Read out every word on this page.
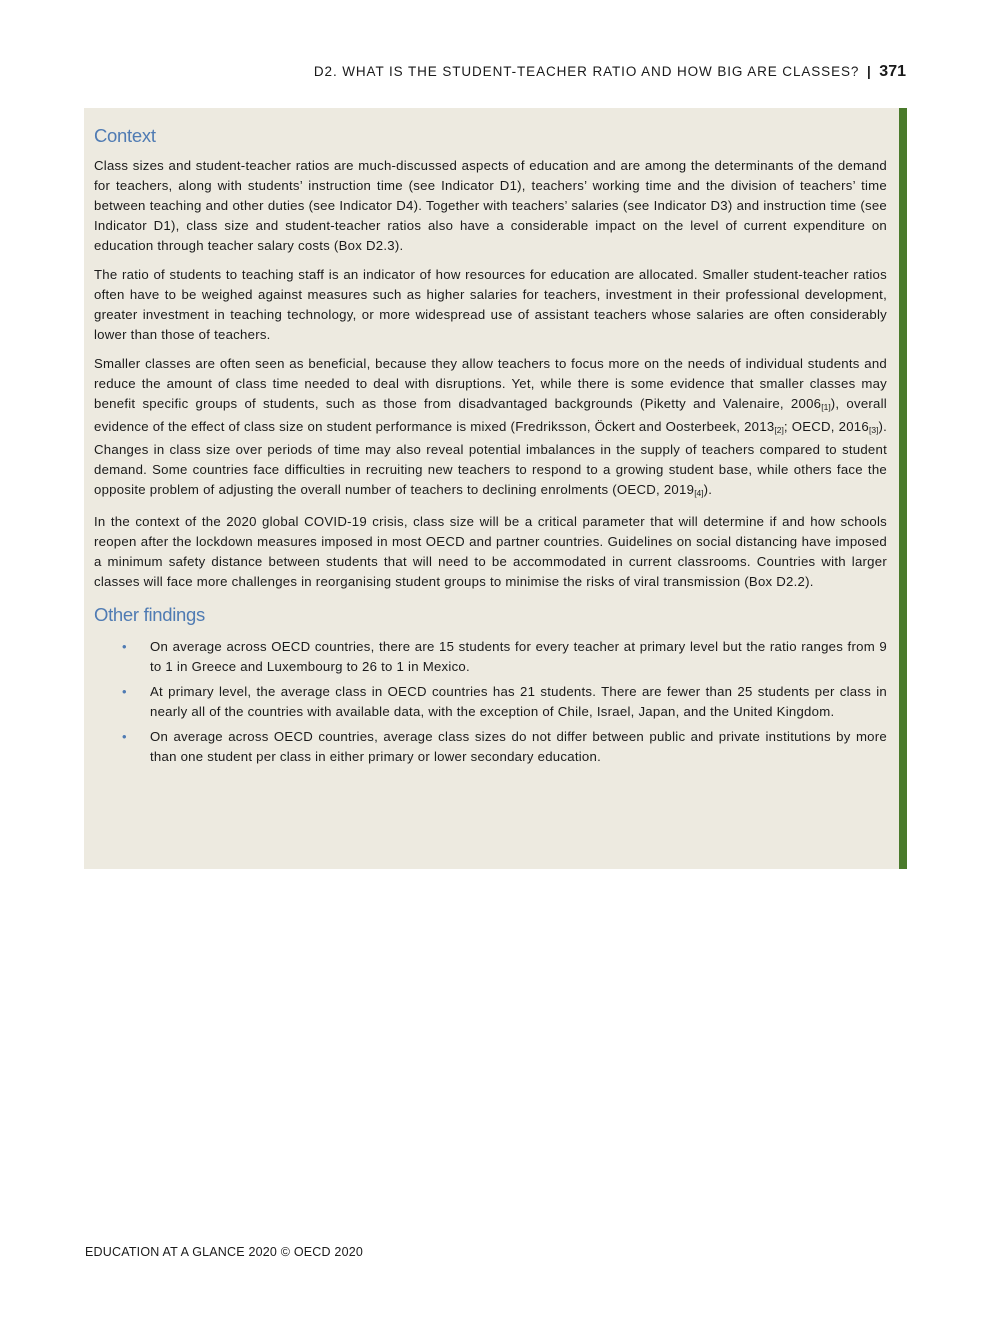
D2. WHAT IS THE STUDENT-TEACHER RATIO AND HOW BIG ARE CLASSES? | 371
Context

Class sizes and student-teacher ratios are much-discussed aspects of education and are among the determinants of the demand for teachers, along with students’ instruction time (see Indicator D1), teachers’ working time and the division of teachers’ time between teaching and other duties (see Indicator D4). Together with teachers’ salaries (see Indicator D3) and instruction time (see Indicator D1), class size and student-teacher ratios also have a considerable impact on the level of current expenditure on education through teacher salary costs (Box D2.3).

The ratio of students to teaching staff is an indicator of how resources for education are allocated. Smaller student-teacher ratios often have to be weighed against measures such as higher salaries for teachers, investment in their professional development, greater investment in teaching technology, or more widespread use of assistant teachers whose salaries are often considerably lower than those of teachers.

Smaller classes are often seen as beneficial, because they allow teachers to focus more on the needs of individual students and reduce the amount of class time needed to deal with disruptions. Yet, while there is some evidence that smaller classes may benefit specific groups of students, such as those from disadvantaged backgrounds (Piketty and Valenaire, 2006[1]), overall evidence of the effect of class size on student performance is mixed (Fredriksson, Öckert and Oosterbeek, 2013[2]; OECD, 2016[3]). Changes in class size over periods of time may also reveal potential imbalances in the supply of teachers compared to student demand. Some countries face difficulties in recruiting new teachers to respond to a growing student base, while others face the opposite problem of adjusting the overall number of teachers to declining enrolments (OECD, 2019[4]).

In the context of the 2020 global COVID-19 crisis, class size will be a critical parameter that will determine if and how schools reopen after the lockdown measures imposed in most OECD and partner countries. Guidelines on social distancing have imposed a minimum safety distance between students that will need to be accommodated in current classrooms. Countries with larger classes will face more challenges in reorganising student groups to minimise the risks of viral transmission (Box D2.2).

Other findings
• On average across OECD countries, there are 15 students for every teacher at primary level but the ratio ranges from 9 to 1 in Greece and Luxembourg to 26 to 1 in Mexico.
• At primary level, the average class in OECD countries has 21 students. There are fewer than 25 students per class in nearly all of the countries with available data, with the exception of Chile, Israel, Japan, and the United Kingdom.
• On average across OECD countries, average class sizes do not differ between public and private institutions by more than one student per class in either primary or lower secondary education.
EDUCATION AT A GLANCE 2020 © OECD 2020
